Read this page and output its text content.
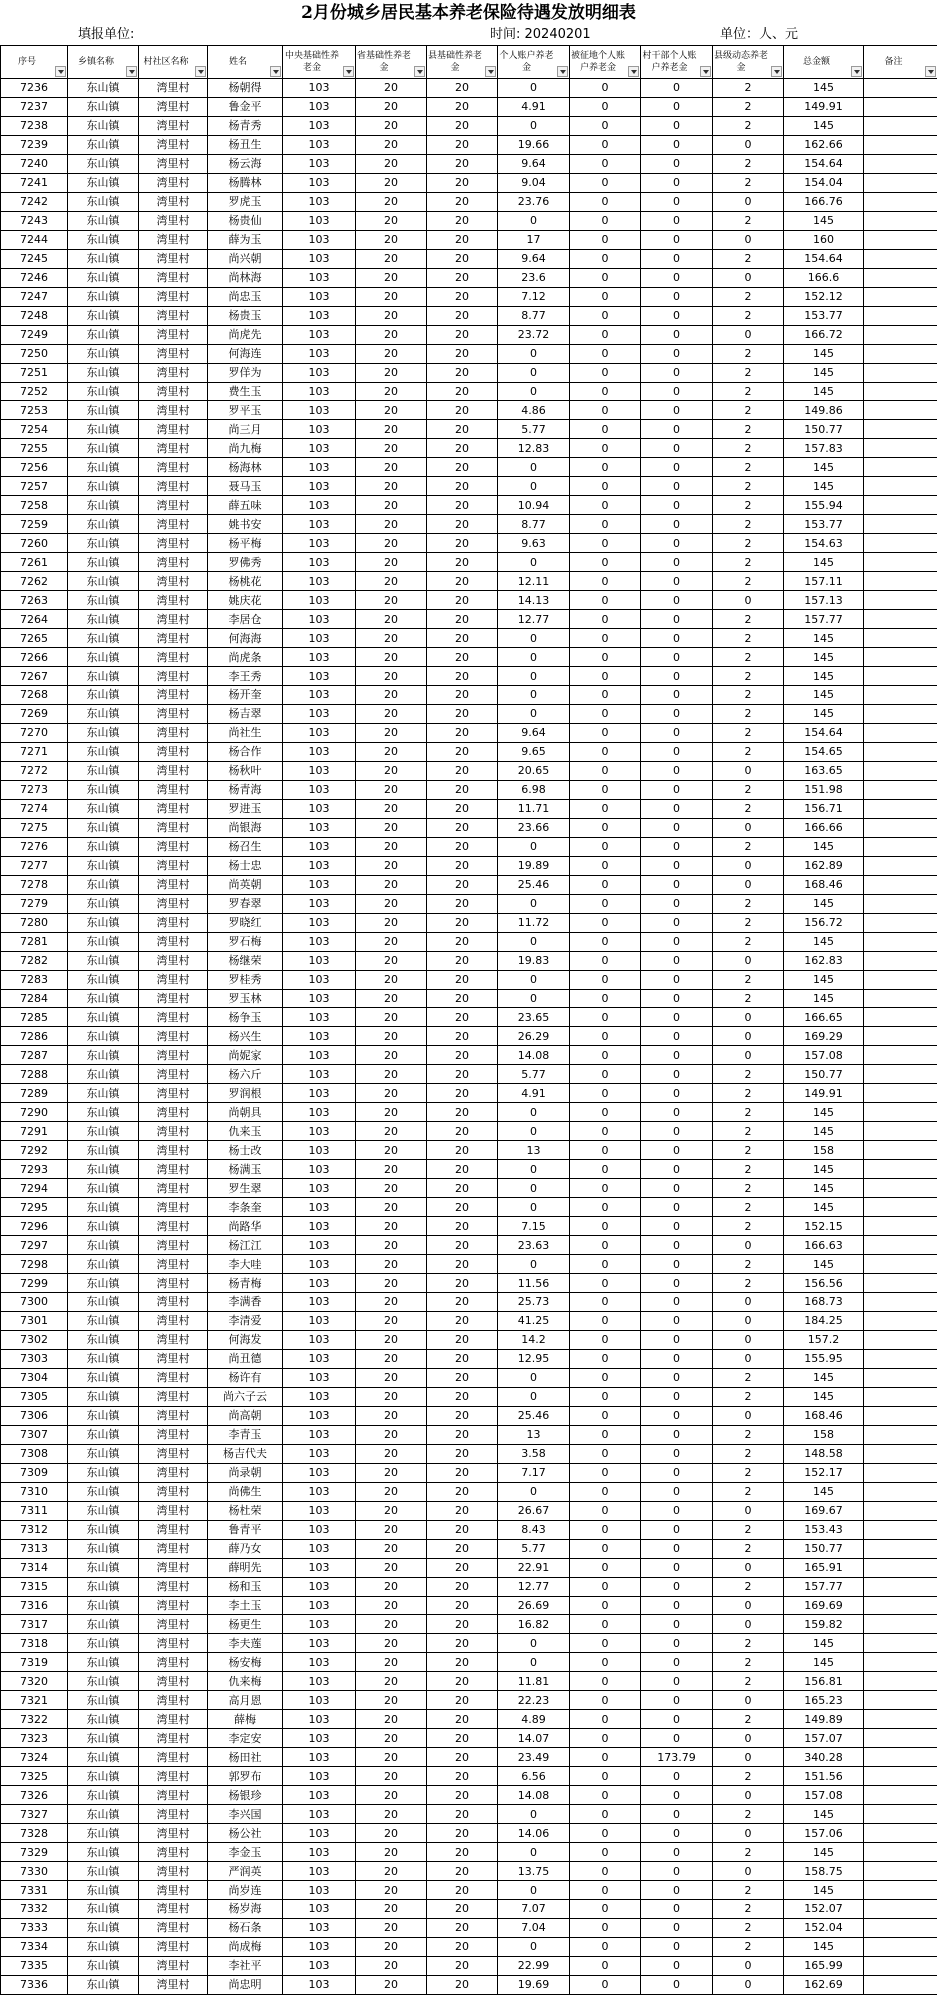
2月份城乡居民基本养老保险待遇发放明细表
填报单位:	时间: 20240201	单位：人、元
序号	乡镇名称	村社区名称	姓名	中央基础性养老金	省基础性养老金	县基础性养老金	个人账户养老金	被征地个人账户养老金	村干部个人账户养老金	县级动态养老金	总金额	备注

7236	东山镇	湾里村	杨朝得	103	20	20	0	0	0	2	145	
7237	东山镇	湾里村	鲁金平	103	20	20	4.91	0	0	2	149.91	
7238	东山镇	湾里村	杨青秀	103	20	20	0	0	0	2	145	
7239	东山镇	湾里村	杨丑生	103	20	20	19.66	0	0	0	162.66	
7240	东山镇	湾里村	杨云海	103	20	20	9.64	0	0	2	154.64	
7241	东山镇	湾里村	杨腾林	103	20	20	9.04	0	0	2	154.04	
7242	东山镇	湾里村	罗虎玉	103	20	20	23.76	0	0	0	166.76	
7243	东山镇	湾里村	杨贵仙	103	20	20	0	0	0	2	145	
7244	东山镇	湾里村	薛为玉	103	20	20	17	0	0	0	160	
7245	东山镇	湾里村	尚兴朝	103	20	20	9.64	0	0	2	154.64	
7246	东山镇	湾里村	尚林海	103	20	20	23.6	0	0	0	166.6	
7247	东山镇	湾里村	尚忠玉	103	20	20	7.12	0	0	2	152.12	
7248	东山镇	湾里村	杨贵玉	103	20	20	8.77	0	0	2	153.77	
7249	东山镇	湾里村	尚虎先	103	20	20	23.72	0	0	0	166.72	
7250	东山镇	湾里村	何海连	103	20	20	0	0	0	2	145	
7251	东山镇	湾里村	罗佯为	103	20	20	0	0	0	2	145	
7252	东山镇	湾里村	费生玉	103	20	20	0	0	0	2	145	
7253	东山镇	湾里村	罗平玉	103	20	20	4.86	0	0	2	149.86	
7254	东山镇	湾里村	尚三月	103	20	20	5.77	0	0	2	150.77	
7255	东山镇	湾里村	尚九梅	103	20	20	12.83	0	0	2	157.83	
7256	东山镇	湾里村	杨海林	103	20	20	0	0	0	2	145	
7257	东山镇	湾里村	聂马玉	103	20	20	0	0	0	2	145	
7258	东山镇	湾里村	薛五味	103	20	20	10.94	0	0	2	155.94	
7259	东山镇	湾里村	姚书安	103	20	20	8.77	0	0	2	153.77	
7260	东山镇	湾里村	杨平梅	103	20	20	9.63	0	0	2	154.63	
7261	东山镇	湾里村	罗佛秀	103	20	20	0	0	0	2	145	
7262	东山镇	湾里村	杨桃花	103	20	20	12.11	0	0	2	157.11	
7263	东山镇	湾里村	姚庆花	103	20	20	14.13	0	0	0	157.13	
7264	东山镇	湾里村	李居仓	103	20	20	12.77	0	0	2	157.77	
7265	东山镇	湾里村	何海海	103	20	20	0	0	0	2	145	
7266	东山镇	湾里村	尚虎条	103	20	20	0	0	0	2	145	
7267	东山镇	湾里村	李王秀	103	20	20	0	0	0	2	145	
7268	东山镇	湾里村	杨开奎	103	20	20	0	0	0	2	145	
7269	东山镇	湾里村	杨吉翠	103	20	20	0	0	0	2	145	
7270	东山镇	湾里村	尚社生	103	20	20	9.64	0	0	2	154.64	
7271	东山镇	湾里村	杨合作	103	20	20	9.65	0	0	2	154.65	
7272	东山镇	湾里村	杨秋叶	103	20	20	20.65	0	0	0	163.65	
7273	东山镇	湾里村	杨青海	103	20	20	6.98	0	0	2	151.98	
7274	东山镇	湾里村	罗进玉	103	20	20	11.71	0	0	2	156.71	
7275	东山镇	湾里村	尚银海	103	20	20	23.66	0	0	0	166.66	
7276	东山镇	湾里村	杨召生	103	20	20	0	0	0	2	145	
7277	东山镇	湾里村	杨士忠	103	20	20	19.89	0	0	0	162.89	
7278	东山镇	湾里村	尚英朝	103	20	20	25.46	0	0	0	168.46	
7279	东山镇	湾里村	罗春翠	103	20	20	0	0	0	2	145	
7280	东山镇	湾里村	罗晓红	103	20	20	11.72	0	0	2	156.72	
7281	东山镇	湾里村	罗石梅	103	20	20	0	0	0	2	145	
7282	东山镇	湾里村	杨继荣	103	20	20	19.83	0	0	0	162.83	
7283	东山镇	湾里村	罗桂秀	103	20	20	0	0	0	2	145	
7284	东山镇	湾里村	罗玉林	103	20	20	0	0	0	2	145	
7285	东山镇	湾里村	杨争玉	103	20	20	23.65	0	0	0	166.65	
7286	东山镇	湾里村	杨兴生	103	20	20	26.29	0	0	0	169.29	
7287	东山镇	湾里村	尚妮家	103	20	20	14.08	0	0	0	157.08	
7288	东山镇	湾里村	杨六斤	103	20	20	5.77	0	0	2	150.77	
7289	东山镇	湾里村	罗润根	103	20	20	4.91	0	0	2	149.91	
7290	东山镇	湾里村	尚朝具	103	20	20	0	0	0	2	145	
7291	东山镇	湾里村	仇来玉	103	20	20	0	0	0	2	145	
7292	东山镇	湾里村	杨士改	103	20	20	13	0	0	2	158	
7293	东山镇	湾里村	杨满玉	103	20	20	0	0	0	2	145	
7294	东山镇	湾里村	罗生翠	103	20	20	0	0	0	2	145	
7295	东山镇	湾里村	李条奎	103	20	20	0	0	0	2	145	
7296	东山镇	湾里村	尚路华	103	20	20	7.15	0	0	2	152.15	
7297	东山镇	湾里村	杨江江	103	20	20	23.63	0	0	0	166.63	
7298	东山镇	湾里村	李大哇	103	20	20	0	0	0	2	145	
7299	东山镇	湾里村	杨青梅	103	20	20	11.56	0	0	2	156.56	
7300	东山镇	湾里村	李满香	103	20	20	25.73	0	0	0	168.73	
7301	东山镇	湾里村	李清爱	103	20	20	41.25	0	0	0	184.25	
7302	东山镇	湾里村	何海发	103	20	20	14.2	0	0	0	157.2	
7303	东山镇	湾里村	尚丑德	103	20	20	12.95	0	0	0	155.95	
7304	东山镇	湾里村	杨许有	103	20	20	0	0	0	2	145	
7305	东山镇	湾里村	尚六子云	103	20	20	0	0	0	2	145	
7306	东山镇	湾里村	尚高朝	103	20	20	25.46	0	0	0	168.46	
7307	东山镇	湾里村	李青玉	103	20	20	13	0	0	2	158	
7308	东山镇	湾里村	杨吉代夫	103	20	20	3.58	0	0	2	148.58	
7309	东山镇	湾里村	尚录朝	103	20	20	7.17	0	0	2	152.17	
7310	东山镇	湾里村	尚佛生	103	20	20	0	0	0	2	145	
7311	东山镇	湾里村	杨杜荣	103	20	20	26.67	0	0	0	169.67	
7312	东山镇	湾里村	鲁青平	103	20	20	8.43	0	0	2	153.43	
7313	东山镇	湾里村	薛乃女	103	20	20	5.77	0	0	2	150.77	
7314	东山镇	湾里村	薛明先	103	20	20	22.91	0	0	0	165.91	
7315	东山镇	湾里村	杨和玉	103	20	20	12.77	0	0	2	157.77	
7316	东山镇	湾里村	李土玉	103	20	20	26.69	0	0	0	169.69	
7317	东山镇	湾里村	杨更生	103	20	20	16.82	0	0	0	159.82	
7318	东山镇	湾里村	李夫莲	103	20	20	0	0	0	2	145	
7319	东山镇	湾里村	杨安梅	103	20	20	0	0	0	2	145	
7320	东山镇	湾里村	仇来梅	103	20	20	11.81	0	0	2	156.81	
7321	东山镇	湾里村	高月恩	103	20	20	22.23	0	0	0	165.23	
7322	东山镇	湾里村	薛梅	103	20	20	4.89	0	0	2	149.89	
7323	东山镇	湾里村	李定安	103	20	20	14.07	0	0	0	157.07	
7324	东山镇	湾里村	杨田社	103	20	20	23.49	0	173.79	0	340.28	
7325	东山镇	湾里村	郭罗布	103	20	20	6.56	0	0	2	151.56	
7326	东山镇	湾里村	杨银珍	103	20	20	14.08	0	0	0	157.08	
7327	东山镇	湾里村	李兴国	103	20	20	0	0	0	2	145	
7328	东山镇	湾里村	杨公社	103	20	20	14.06	0	0	0	157.06	
7329	东山镇	湾里村	李金玉	103	20	20	0	0	0	2	145	
7330	东山镇	湾里村	严润英	103	20	20	13.75	0	0	0	158.75	
7331	东山镇	湾里村	尚岁连	103	20	20	0	0	0	2	145	
7332	东山镇	湾里村	杨岁海	103	20	20	7.07	0	0	2	152.07	
7333	东山镇	湾里村	杨石条	103	20	20	7.04	0	0	2	152.04	
7334	东山镇	湾里村	尚成梅	103	20	20	0	0	0	2	145	
7335	东山镇	湾里村	李社平	103	20	20	22.99	0	0	0	165.99	
7336	东山镇	湾里村	尚忠明	103	20	20	19.69	0	0	0	162.69	
